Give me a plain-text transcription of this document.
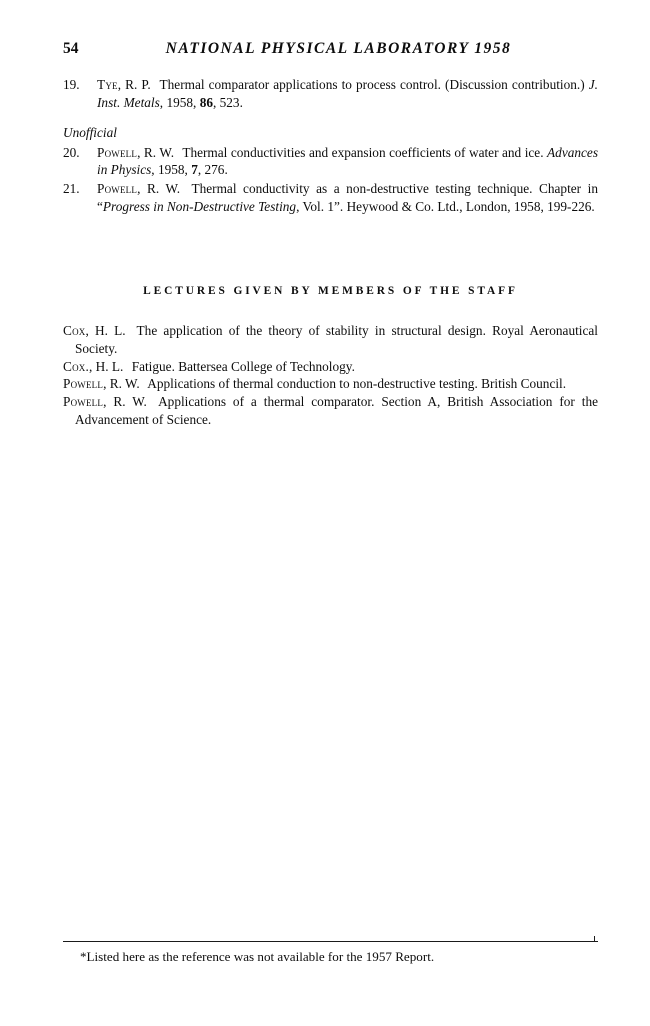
54	NATIONAL PHYSICAL LABORATORY 1958
19.	Tye, R. P. Thermal comparator applications to process control. (Discussion contribution.) J. Inst. Metals, 1958, 86, 523.
Unofficial
20.	Powell, R. W. Thermal conductivities and expansion coefficients of water and ice. Advances in Physics, 1958, 7, 276.
21.	Powell, R. W. Thermal conductivity as a non-destructive testing technique. Chapter in “Progress in Non-Destructive Testing, Vol. 1”. Heywood & Co. Ltd., London, 1958, 199-226.
LECTURES GIVEN BY MEMBERS OF THE STAFF
Cox, H. L. The application of the theory of stability in structural design. Royal Aeronautical Society.
Cox., H. L. Fatigue. Battersea College of Technology.
Powell, R. W. Applications of thermal conduction to non-destructive testing. British Council.
Powell, R. W. Applications of a thermal comparator. Section A, British Association for the Advancement of Science.
*Listed here as the reference was not available for the 1957 Report.
